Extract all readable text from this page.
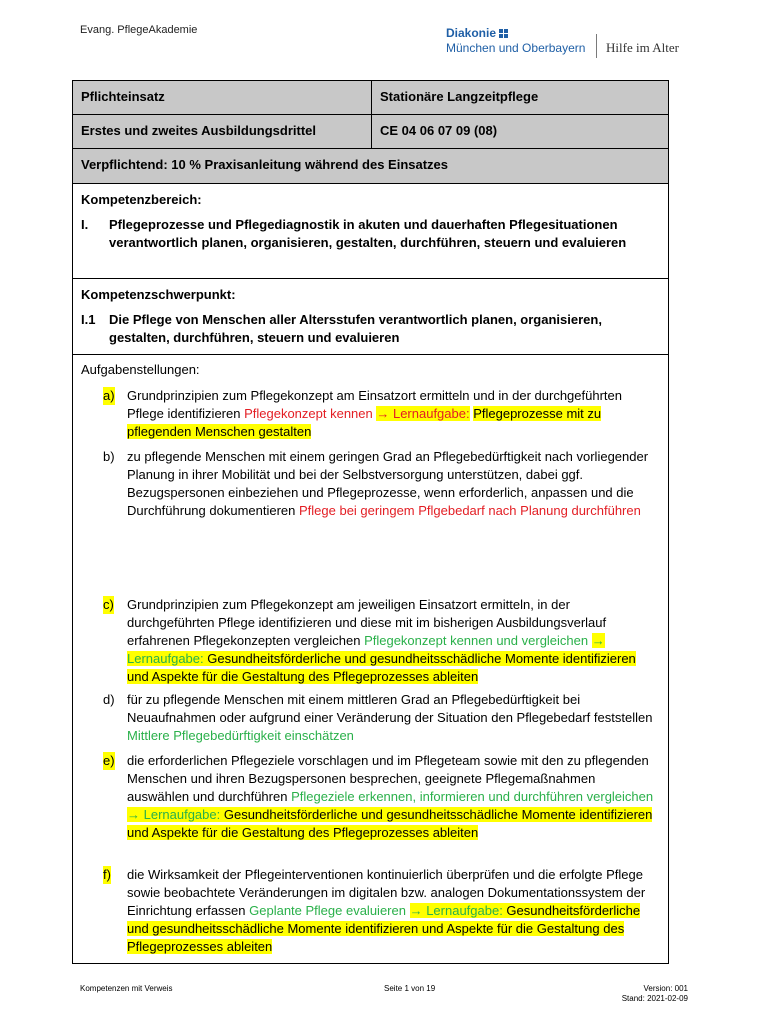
Evang. PflegeAkademie	Diakonie
München und Oberbayern Hilfe im Alter
Pflichteinsatz	Stationäre Langzeitpflege
Erstes und zweites Ausbildungsdrittel	CE 04 06 07 09 (08)
Verpflichtend: 10 % Praxisanleitung während des Einsatzes
Kompetenzbereich:
I.	Pflegeprozesse und Pflegediagnostik in akuten und dauerhaften Pflegesituationen verantwortlich planen, organisieren, gestalten, durchführen, steuern und evaluieren
Kompetenzschwerpunkt:
I.1	Die Pflege von Menschen aller Altersstufen verantwortlich planen, organisieren, gestalten, durchführen, steuern und evaluieren
Aufgabenstellungen:
a) Grundprinzipien zum Pflegekonzept am Einsatzort ermitteln und in der durchgeführten Pflege identifizieren Pflegekonzept kennen → Lernaufgabe: Pflegeprozesse mit zu pflegenden Menschen gestalten
b) zu pflegende Menschen mit einem geringen Grad an Pflegebedürftigkeit nach vorliegender Planung in ihrer Mobilität und bei der Selbstversorgung unterstützen, dabei ggf. Bezugspersonen einbeziehen und Pflegeprozesse, wenn erforderlich, anpassen und die Durchführung dokumentieren Pflege bei geringem Pflgebedarf nach Planung durchführen
c) Grundprinzipien zum Pflegekonzept am jeweiligen Einsatzort ermitteln, in der durchgeführten Pflege identifizieren und diese mit im bisherigen Ausbildungsverlauf erfahrenen Pflegekonzepten vergleichen Pflegekonzept kennen und vergleichen → Lernaufgabe: Gesundheitsförderliche und gesundheitsschädliche Momente identifizieren und Aspekte für die Gestaltung des Pflegeprozesses ableiten
d) für zu pflegende Menschen mit einem mittleren Grad an Pflegebedürftigkeit bei Neuaufnahmen oder aufgrund einer Veränderung der Situation den Pflegebedarf feststellen Mittlere Pflegebedürftigkeit einschätzen
e) die erforderlichen Pflegeziele vorschlagen und im Pflegeteam sowie mit den zu pflegenden Menschen und ihren Bezugspersonen besprechen, geeignete Pflegemaßnahmen auswählen und durchführen Pflegeziele erkennen, informieren und durchführen vergleichen → Lernaufgabe: Gesundheitsförderliche und gesundheitsschädliche Momente identifizieren und Aspekte für die Gestaltung des Pflegeprozesses ableiten
f) die Wirksamkeit der Pflegeinterventionen kontinuierlich überprüfen und die erfolgte Pflege sowie beobachtete Veränderungen im digitalen bzw. analogen Dokumentationssystem der Einrichtung erfassen Geplante Pflege evaluieren → Lernaufgabe: Gesundheitsförderliche und gesundheitsschädliche Momente identifizieren und Aspekte für die Gestaltung des Pflegeprozesses ableiten
Kompetenzen mit Verweis	Seite 1 von 19	Version: 001
Stand: 2021-02-09
